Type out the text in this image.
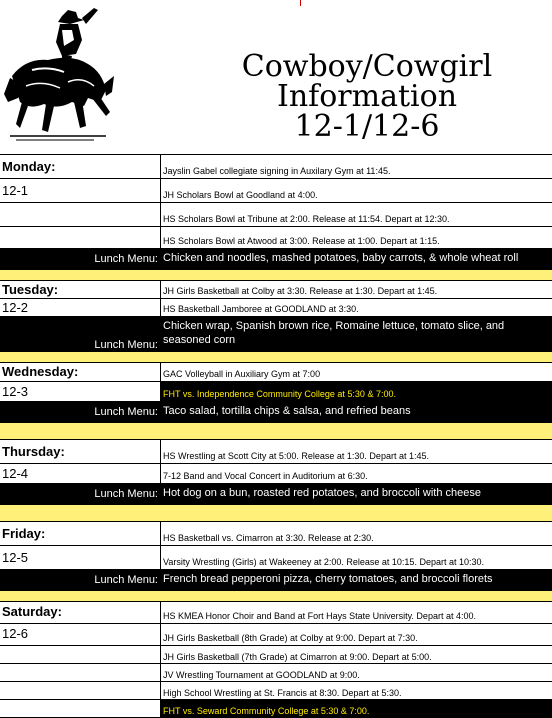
Cowboy/Cowgirl
Information
12-1/12-6
Monday:	Jayslin Gabel collegiate signing in Auxilary Gym at 11:45.
12-1	JH Scholars Bowl at Goodland at 4:00.
	HS Scholars Bowl at Tribune at 2:00. Release at 11:54. Depart at 12:30.
	HS Scholars Bowl at Atwood at 3:00. Release at 1:00. Depart at 1:15.
Lunch Menu:	Chicken and noodles, mashed potatoes, baby carrots, & whole wheat roll

Tuesday:	JH Girls Basketball at Colby at 3:30. Release at 1:30. Depart at 1:45.
12-2	HS Basketball Jamboree at GOODLAND at 3:30.
Lunch Menu:	Chicken wrap, Spanish brown rice, Romaine lettuce, tomato slice, and seasoned corn

Wednesday:	GAC Volleyball in Auxiliary Gym at 7:00
12-3	FHT vs. Independence Community College at 5:30 & 7:00.
Lunch Menu:	Taco salad, tortilla chips & salsa, and refried beans

Thursday:	HS Wrestling at Scott City at 5:00. Release at 1:30. Depart at 1:45.
12-4	7-12 Band and Vocal Concert in Auditorium at 6:30.
Lunch Menu:	Hot dog on a bun, roasted red potatoes, and broccoli with cheese

Friday:	HS Basketball vs. Cimarron at 3:30. Release at 2:30.
12-5	Varsity Wrestling (Girls) at Wakeeney at 2:00. Release at 10:15. Depart at 10:30.
Lunch Menu:	French bread pepperoni pizza, cherry tomatoes, and broccoli florets

Saturday:	HS KMEA Honor Choir and Band at Fort Hays State University. Depart at 4:00.
12-6	JH Girls Basketball (8th Grade) at Colby at 9:00. Depart at 7:30.
	JH Girls Basketball (7th Grade) at Cimarron at 9:00. Depart at 5:00.
	JV Wrestling Tournament at GOODLAND at 9:00.
	High School Wrestling at St. Francis at 8:30. Depart at 5:30.
	FHT vs. Seward Community College at 5:30 & 7:00.
